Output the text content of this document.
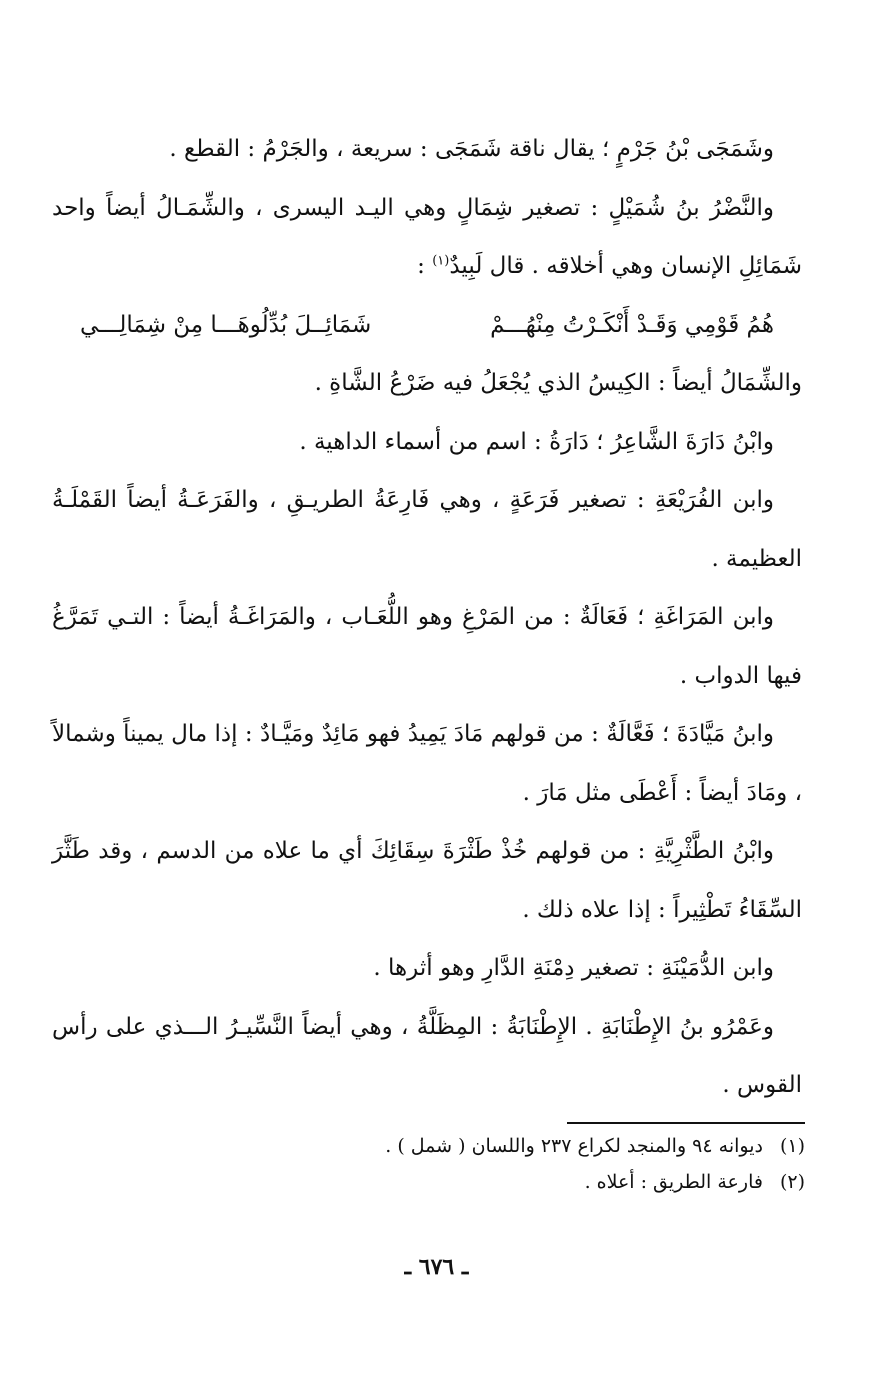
وشَمَجَى بْنُ جَرْمٍ ؛ يقال ناقة شَمَجَى : سريعة ، والجَرْمُ : القطع .

والنَّضْرُ بنُ شُمَيْلٍ : تصغير شِمَالٍ وهي اليـد اليسرى ، والشِّمَـالُ أيضاً واحد شَمَائِلِ الإنسان وهي أخلاقه . قال لَبِيدٌ$^{(١)}$ :

هُمُ قَوْمِي وَقَـدْ أَنْكَـرْتُ مِنْهُـــمْ
شَمَائِــلَ بُدِّلُوهَـــا مِنْ شِمَالِـــي

والشِّمَالُ أيضاً : الكِيسُ الذي يُجْعَلُ فيه ضَرْعُ الشَّاةِ .

وابْنُ دَارَةَ الشَّاعِرُ ؛ دَارَةُ : اسم من أسماء الداهية .

وابن الفُرَيْعَةِ : تصغير فَرَعَةٍ ، وهي فَارِعَةُ الطريـقِ ، والفَرَعَـةُ أيضاً القَمْلَـةُ العظيمة .

وابن المَرَاغَةِ ؛ فَعَالَةٌ : من المَرْغِ وهو اللُّعَـاب ، والمَرَاغَـةُ أيضاً : التـي تَمَرَّغُ فيها الدواب .

وابنُ مَيَّادَةَ ؛ فَعَّالَةٌ : من قولهم مَادَ يَمِيدُ فهو مَائِدٌ ومَيَّـادٌ : إذا مال يميناً وشمالاً ، ومَادَ أيضاً : أَعْطَى مثل مَارَ .

وابْنُ الطَّثْرِيَّةِ : من قولهم خُذْ طَثْرَةَ سِقَائِكَ أي ما علاه من الدسم ، وقد طَثَّرَ السِّقَاءُ تَطْثِيراً : إذا علاه ذلك .

وابن الدُّمَيْنَةِ : تصغير دِمْنَةِ الدَّارِ وهو أثرها .

وعَمْرُو بنُ الإِطْنَابَةِ . الإِطْنَابَةُ : المِظَلَّةُ ، وهي أيضاً النَّسِّيـرُ الـــذي على رأس القوس .

(١) ديوانه ٩٤ والمنجد لكراع ٢٣٧ واللسان ( شمل ) .

(٢) فارعة الطريق : أعلاه .

ـ ٦٧٦ ـ
